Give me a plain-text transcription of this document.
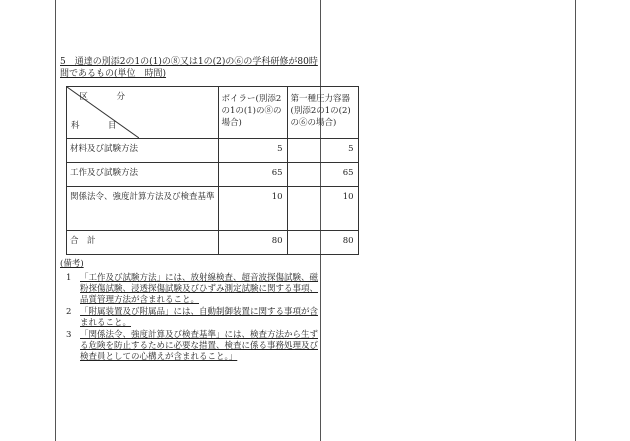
5　通達の別添2の1の(1)の⑧又は1の(2)の⑥の学科研修が80時間であるもの(単位　時間)
区　分
科　目	ボイラー(別添2の1の(1)の⑧の場合)	第一種圧力容器(別添2の1の(2)の⑥の場合)
材料及び試験方法	5	5
工作及び試験方法	65	65
関係法令、強度計算方法及び検査基準	10	10
合　計	80	80
(備考)
1	「工作及び試験方法」には、放射線検査、超音波探傷試験、磁粉探傷試験、浸透探傷試験及びひずみ測定試験に関する事項、品質管理方法が含まれること。
2	「附属装置及び附属品」には、自動制御装置に関する事項が含まれること。
3	「関係法令、強度計算及び検査基準」には、検査方法から生ずる危険を防止するために必要な措置、検査に係る事務処理及び検査員としての心構えが含まれること。」
